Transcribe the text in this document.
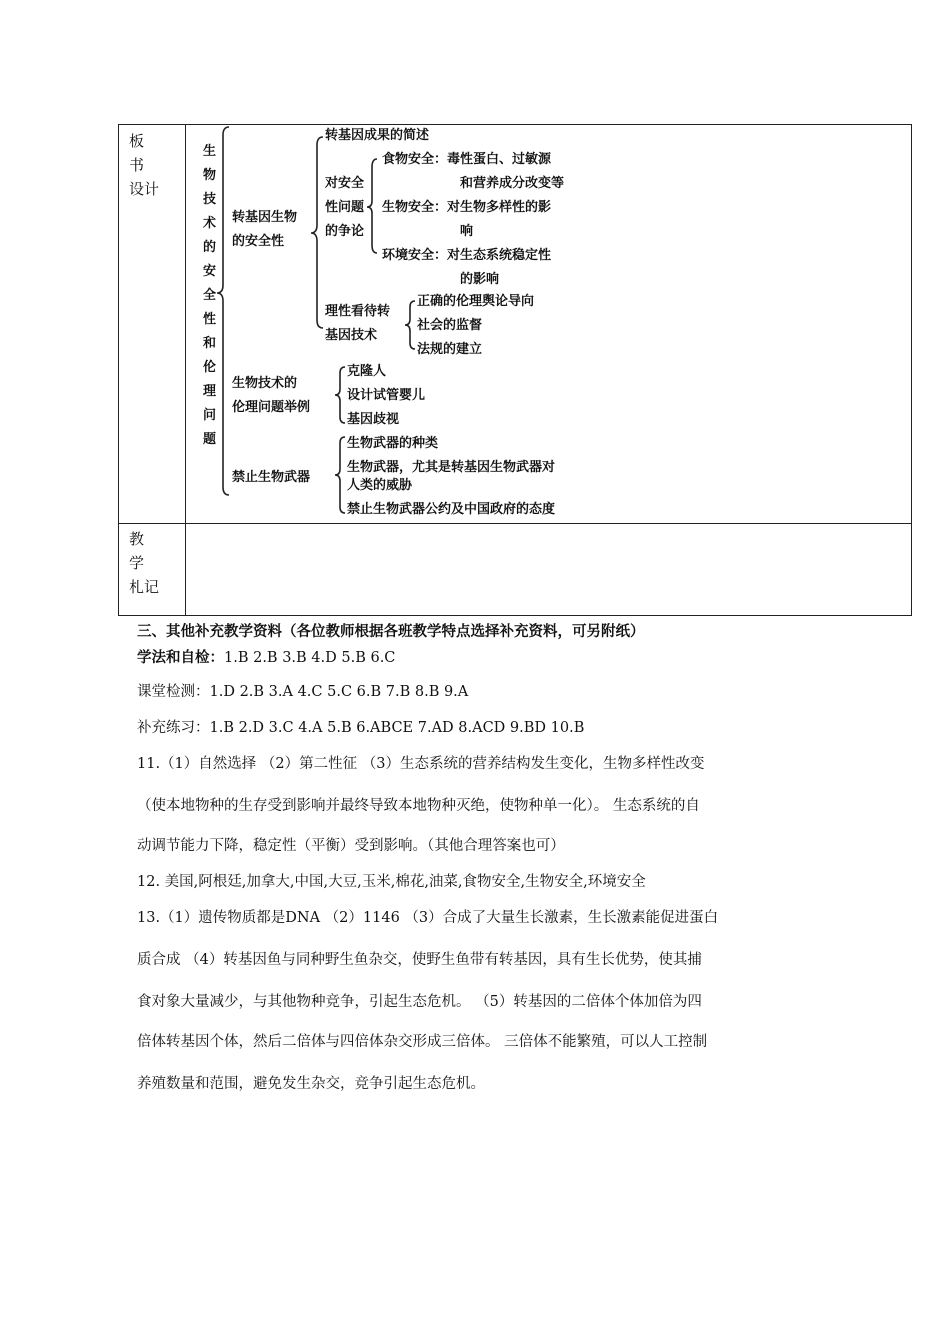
板 书
设计
教 学
札记
生
物
技
术
的
安
全
性
和
伦
理
问
题
转基因生物
的安全性
转基因成果的简述
对安全
性问题
的争论
食物安全：毒性蛋白、过敏源
和营养成分改变等
生物安全：对生物多样性的影
响
环境安全：对生态系统稳定性
的影响
理性看待转
基因技术
正确的伦理舆论导向
社会的监督
法规的建立
生物技术的
伦理问题举例
克隆人
设计试管婴儿
基因歧视
禁止生物武器
生物武器的种类
生物武器，尤其是转基因生物武器对
人类的威胁
禁止生物武器公约及中国政府的态度
三、其他补充教学资料（各位教师根据各班教学特点选择补充资料，可另附纸）
学法和自检：1.B 2.B 3.B 4.D 5.B 6.C
课堂检测：1.D 2.B 3.A 4.C 5.C 6.B 7.B 8.B 9.A
补充练习：1.B 2.D 3.C 4.A 5.B 6.ABCE 7.AD 8.ACD 9.BD 10.B
11.（1）自然选择 （2）第二性征 （3）生态系统的营养结构发生变化，生物多样性改变
（使本地物种的生存受到影响并最终导致本地物种灭绝，使物种单一化）。 生态系统的自
动调节能力下降，稳定性（平衡）受到影响。（其他合理答案也可）
12. 美国,阿根廷,加拿大,中国,大豆,玉米,棉花,油菜,食物安全,生物安全,环境安全
13.（1）遗传物质都是DNA （2）1146 （3）合成了大量生长激素，生长激素能促进蛋白
质合成 （4）转基因鱼与同种野生鱼杂交，使野生鱼带有转基因，具有生长优势，使其捕
食对象大量减少，与其他物种竞争，引起生态危机。 （5）转基因的二倍体个体加倍为四
倍体转基因个体，然后二倍体与四倍体杂交形成三倍体。 三倍体不能繁殖，可以人工控制
养殖数量和范围，避免发生杂交，竞争引起生态危机。
